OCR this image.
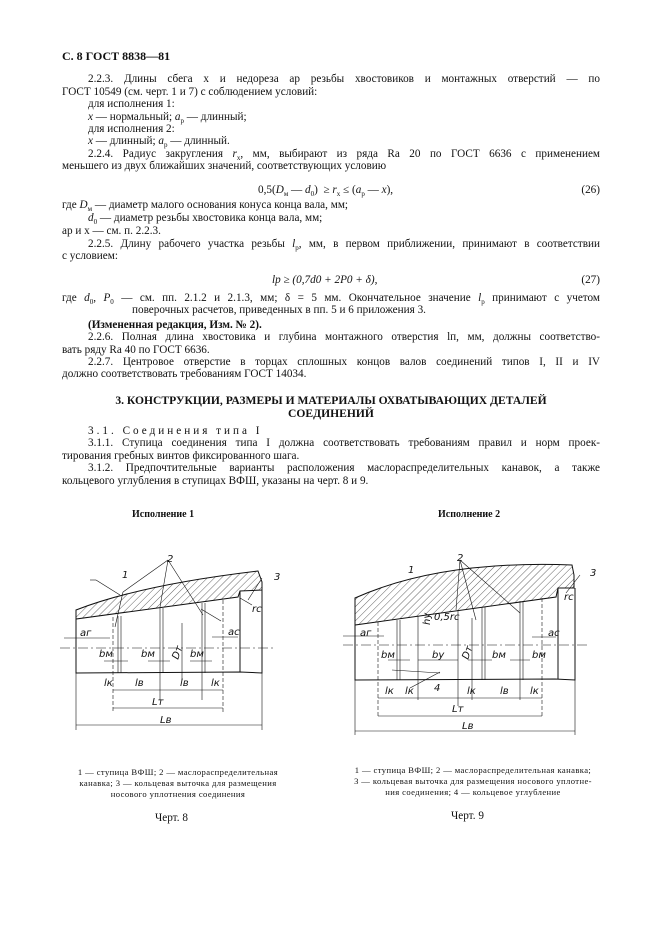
С. 8 ГОСТ 8838—81
2.2.3. Длины сбега x и недореза aр резьбы хвостовиков и монтажных отверстий — по
ГОСТ 10549 (см. черт. 1 и 7) с соблюдением условий:
для исполнения 1:
x — нормальный; $a_р$ — длинный;
для исполнения 2:
x — длинный; $a_р$ — длинный.
2.2.4. Радиус закругления $r_х$, мм, выбирают из ряда Ra 20 по ГОСТ 6636 с применением
меньшего из двух ближайших значений, соответствующих условию
$0,5(D_м$ — $d_0) \ge r_х \le (a_р$ — x),	(26)
где $D_м$ — диаметр малого основания конуса конца вала, мм;
$d_0$ — диаметр резьбы хвостовика конца вала, мм;
aр и x — см. п. 2.2.3.
2.2.5. Длину рабочего участка резьбы $l_р$, мм, в первом приближении, принимают в соответствии
с условием:
lр ≥ (0,7d0 + 2P0 + δ),	(27)
где $d_0$, $P_0$ — см. пп. 2.1.2 и 2.1.3, мм; δ = 5 мм. Окончательное значение $l_р$ принимают с учетом
поверочных расчетов, приведенных в пп. 5 и 6 приложения 3.
(Измененная редакция, Изм. № 2).
2.2.6. Полная длина хвостовика и глубина монтажного отверстия lп, мм, должны соответство-
вать ряду Ra 40 по ГОСТ 6636.
2.2.7. Центровое отверстие в торцах сплошных концов валов соединений типов I, II и IV
должно соответствовать требованиям ГОСТ 14034.
3. КОНСТРУКЦИИ, РАЗМЕРЫ И МАТЕРИАЛЫ ОХВАТЫВАЮЩИХ ДЕТАЛЕЙ
СОЕДИНЕНИЙ
3.1. Соединения типа I
3.1.1. Ступица соединения типа I должна соответствовать требованиям правил и норм проек-
тирования гребных винтов фиксированного шага.
3.1.2. Предпочтительные варианты расположения маслораспределительных канавок, а также
кольцевого углубления в ступицах ВФШ, указаны на черт. 8 и 9.
Исполнение 1	Исполнение 2
1
2
3
aг	aс
rс
bм	bм	bм
Dт
lк lв	lв lк
Lт
Lв
1
2
3
4
aг	aс
rс
0,5rс
hу
bм	bу	bм	bм
Dт
lк lк	lк lв lк
Lт
Lв
1 — ступица ВФШ; 2 — маслораспределительная
канавка; 3 — кольцевая выточка для размещения
носового уплотнения соединения
1 — ступица ВФШ; 2 — маслораспределительная канавка;
3 — кольцевая выточка для размещения носового уплотне-
ния соединения; 4 — кольцевое углубление
Черт. 8	Черт. 9
